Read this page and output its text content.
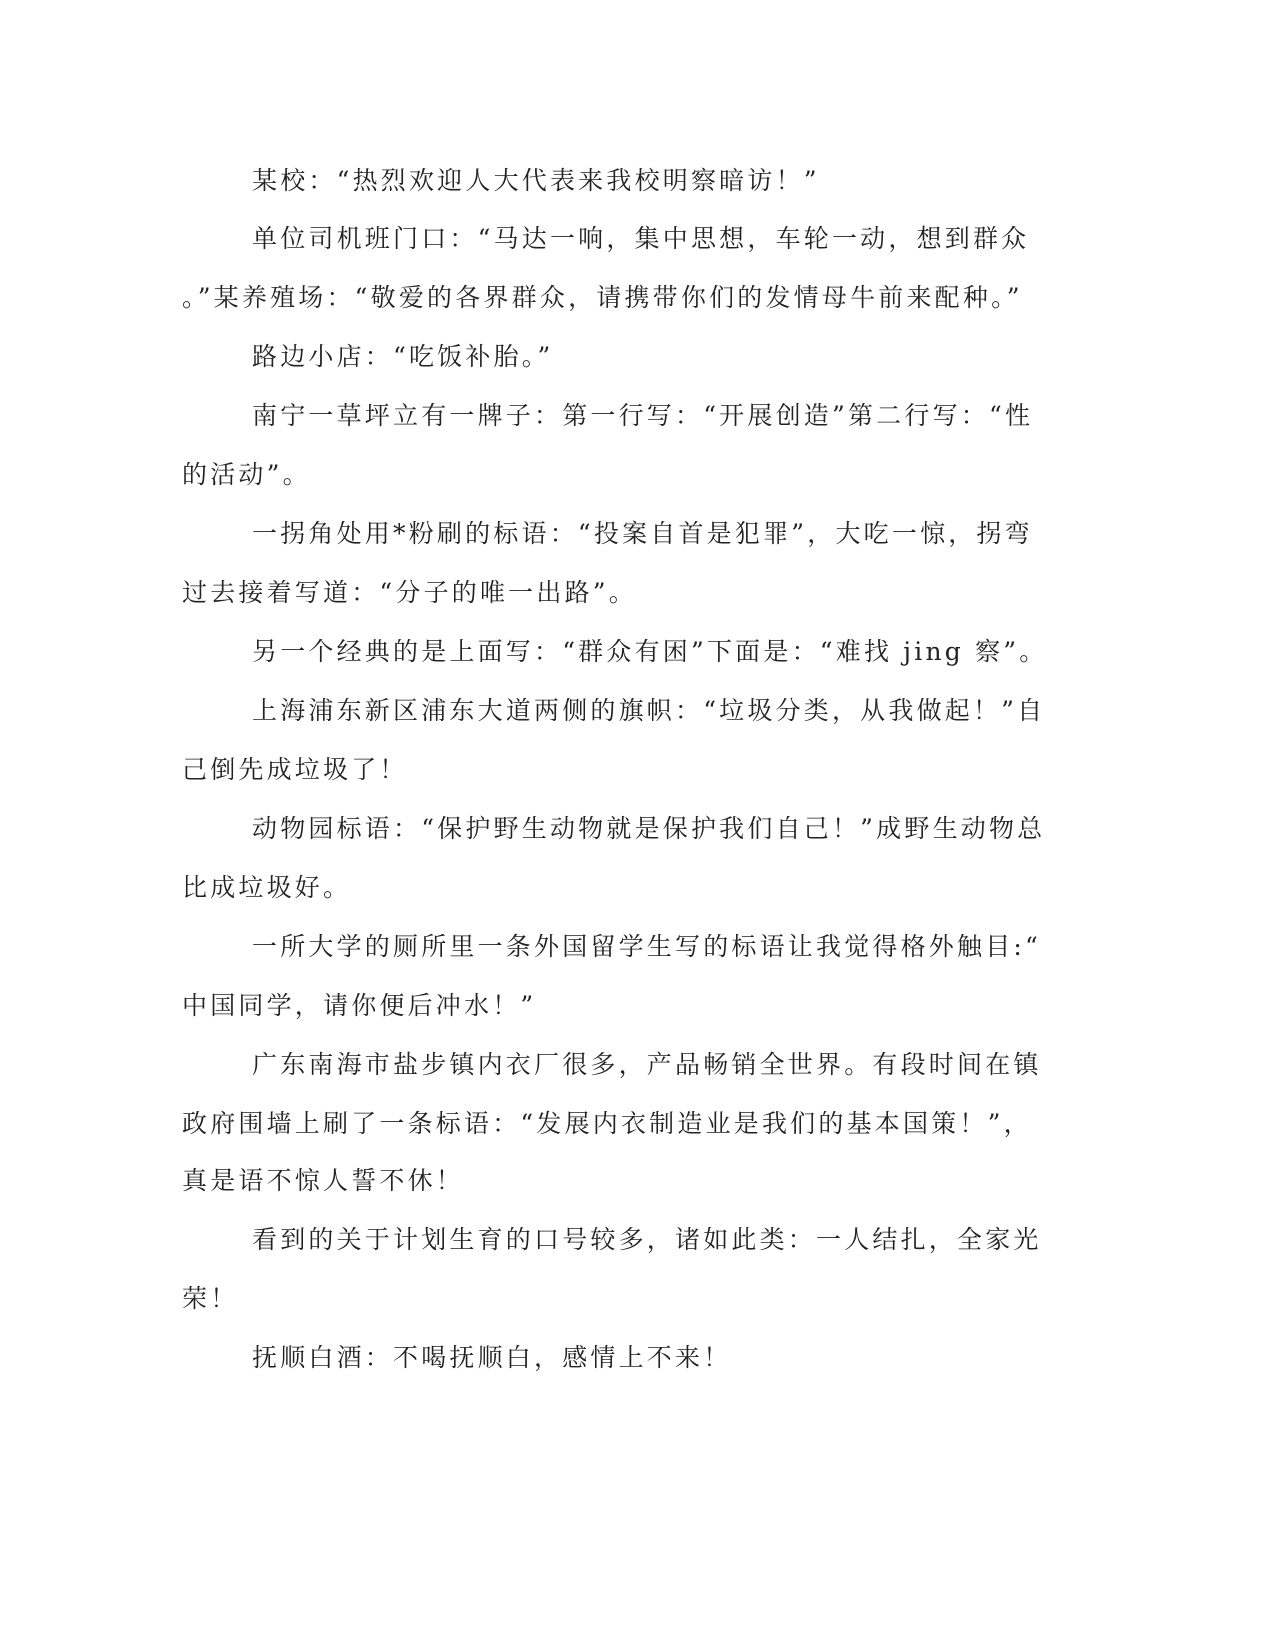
某校：“热烈欢迎人大代表来我校明察暗访！”
单位司机班门口：“马达一响，集中思想，车轮一动，想到群众
。”某养殖场：“敬爱的各界群众，请携带你们的发情母牛前来配种。”
路边小店：“吃饭补胎。”
南宁一草坪立有一牌子：第一行写：“开展创造”第二行写：“性
的活动”。
一拐角处用*粉刷的标语：“投案自首是犯罪”，大吃一惊，拐弯
过去接着写道：“分子的唯一出路”。
另一个经典的是上面写：“群众有困”下面是：“难找 jing 察”。
上海浦东新区浦东大道两侧的旗帜：“垃圾分类，从我做起！”自
己倒先成垃圾了！
动物园标语：“保护野生动物就是保护我们自己！”成野生动物总
比成垃圾好。
一所大学的厕所里一条外国留学生写的标语让我觉得格外触目:“
中国同学，请你便后冲水！”
广东南海市盐步镇内衣厂很多，产品畅销全世界。有段时间在镇
政府围墙上刷了一条标语：“发展内衣制造业是我们的基本国策！”，
真是语不惊人誓不休！
看到的关于计划生育的口号较多，诸如此类：一人结扎，全家光
荣！
抚顺白酒：不喝抚顺白，感情上不来！
